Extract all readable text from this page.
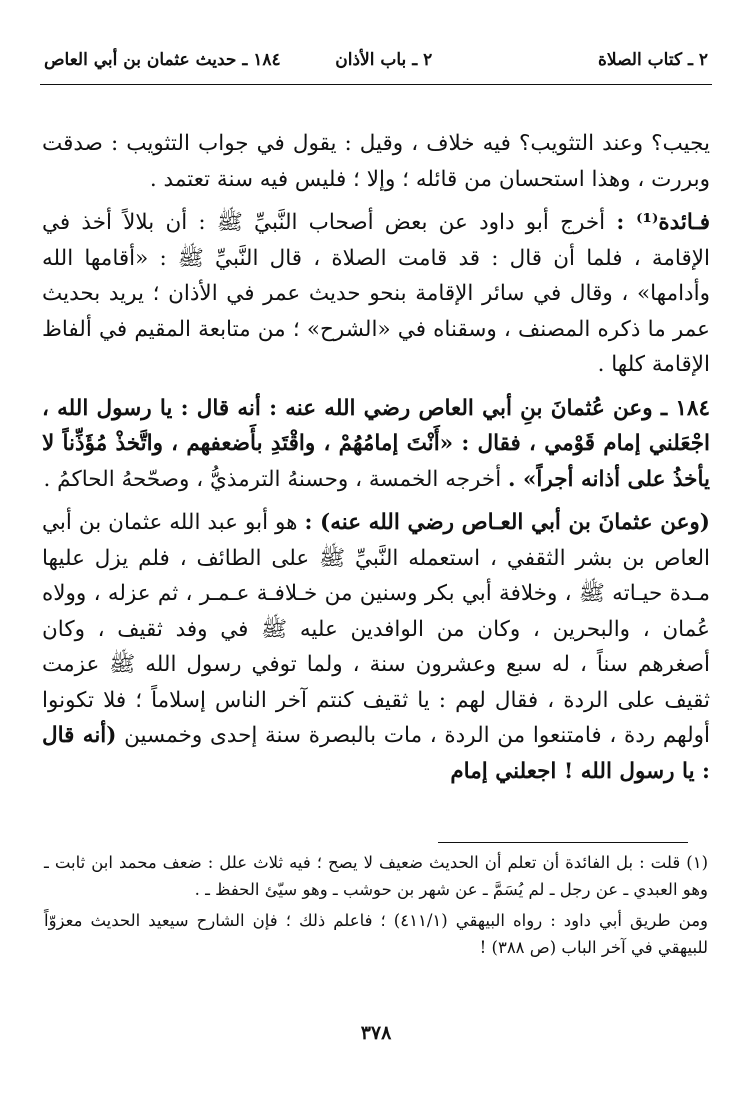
٢ ـ كتاب الصلاة
٢ ـ باب الأذان
١٨٤ ـ حديث عثمان بن أبي العاص

يجيب؟ وعند التثويب؟ فيه خلاف ، وقيل : يقول في جواب التثويب : صدقت وبررت ، وهذا استحسان من قائله ؛ وإلا ؛ فليس فيه سنة تعتمد .

فـائدة⁽¹⁾ : أخرج أبو داود عن بعض أصحاب النَّبيِّ ﷺ : أن بلالاً أخذ في الإقامة ، فلما أن قال : قد قامت الصلاة ، قال النَّبيِّ ﷺ : «أقامها الله وأدامها» ، وقال في سائر الإقامة بنحو حديث عمر في الأذان ؛ يريد بحديث عمر ما ذكره المصنف ، وسقناه في «الشرح» ؛ من متابعة المقيم في ألفاظ الإقامة كلها .

١٨٤ ـ وعن عُثمانَ بنِ أبي العاص رضي الله عنه : أنه قال : يا رسول الله ، اجْعَلني إمام قَوْمي ، فقال : «أَنْتَ إمامُهُمْ ، واقْتَدِ بأَضعفهم ، واتَّخذْ مُؤَذِّناً لا يأخذُ على أذانه أجراً» . أخرجه الخمسة ، وحسنهُ الترمذيُّ ، وصحّحهُ الحاكمُ .

(وعن عثمانَ بن أبي العـاص رضي الله عنه) : هو أبو عبد الله عثمان بن أبي العاص بن بشر الثقفي ، استعمله النَّبيِّ ﷺ على الطائف ، فلم يزل عليها مـدة حيـاته ﷺ ، وخلافة أبي بكر وسنين من خـلافـة عـمـر ، ثم عزله ، وولاه عُمان ، والبحرين ، وكان من الوافدين عليه ﷺ في وفد ثقيف ، وكان أصغرهم سناً ، له سبع وعشرون سنة ، ولما توفي رسول الله ﷺ عزمت ثقيف على الردة ، فقال لهم : يا ثقيف كنتم آخر الناس إسلاماً ؛ فلا تكونوا أولهم ردة ، فامتنعوا من الردة ، مات بالبصرة سنة إحدى وخمسين (أنه قال : يا رسول الله ! اجعلني إمام

(١) قلت : بل الفائدة أن تعلم أن الحديث ضعيف لا يصح ؛ فيه ثلاث علل : ضعف محمد ابن ثابت ـ وهو العبدي ـ عن رجل ـ لم يُسَمَّ ـ عن شهر بن حوشب ـ وهو سيّئ الحفظ ـ .

ومن طريق أبي داود : رواه البيهقي (٤١١/١) ؛ فاعلم ذلك ؛ فإن الشارح سيعيد الحديث معزوّاً للبيهقي في آخر الباب (ص ٣٨٨) !

٣٧٨
